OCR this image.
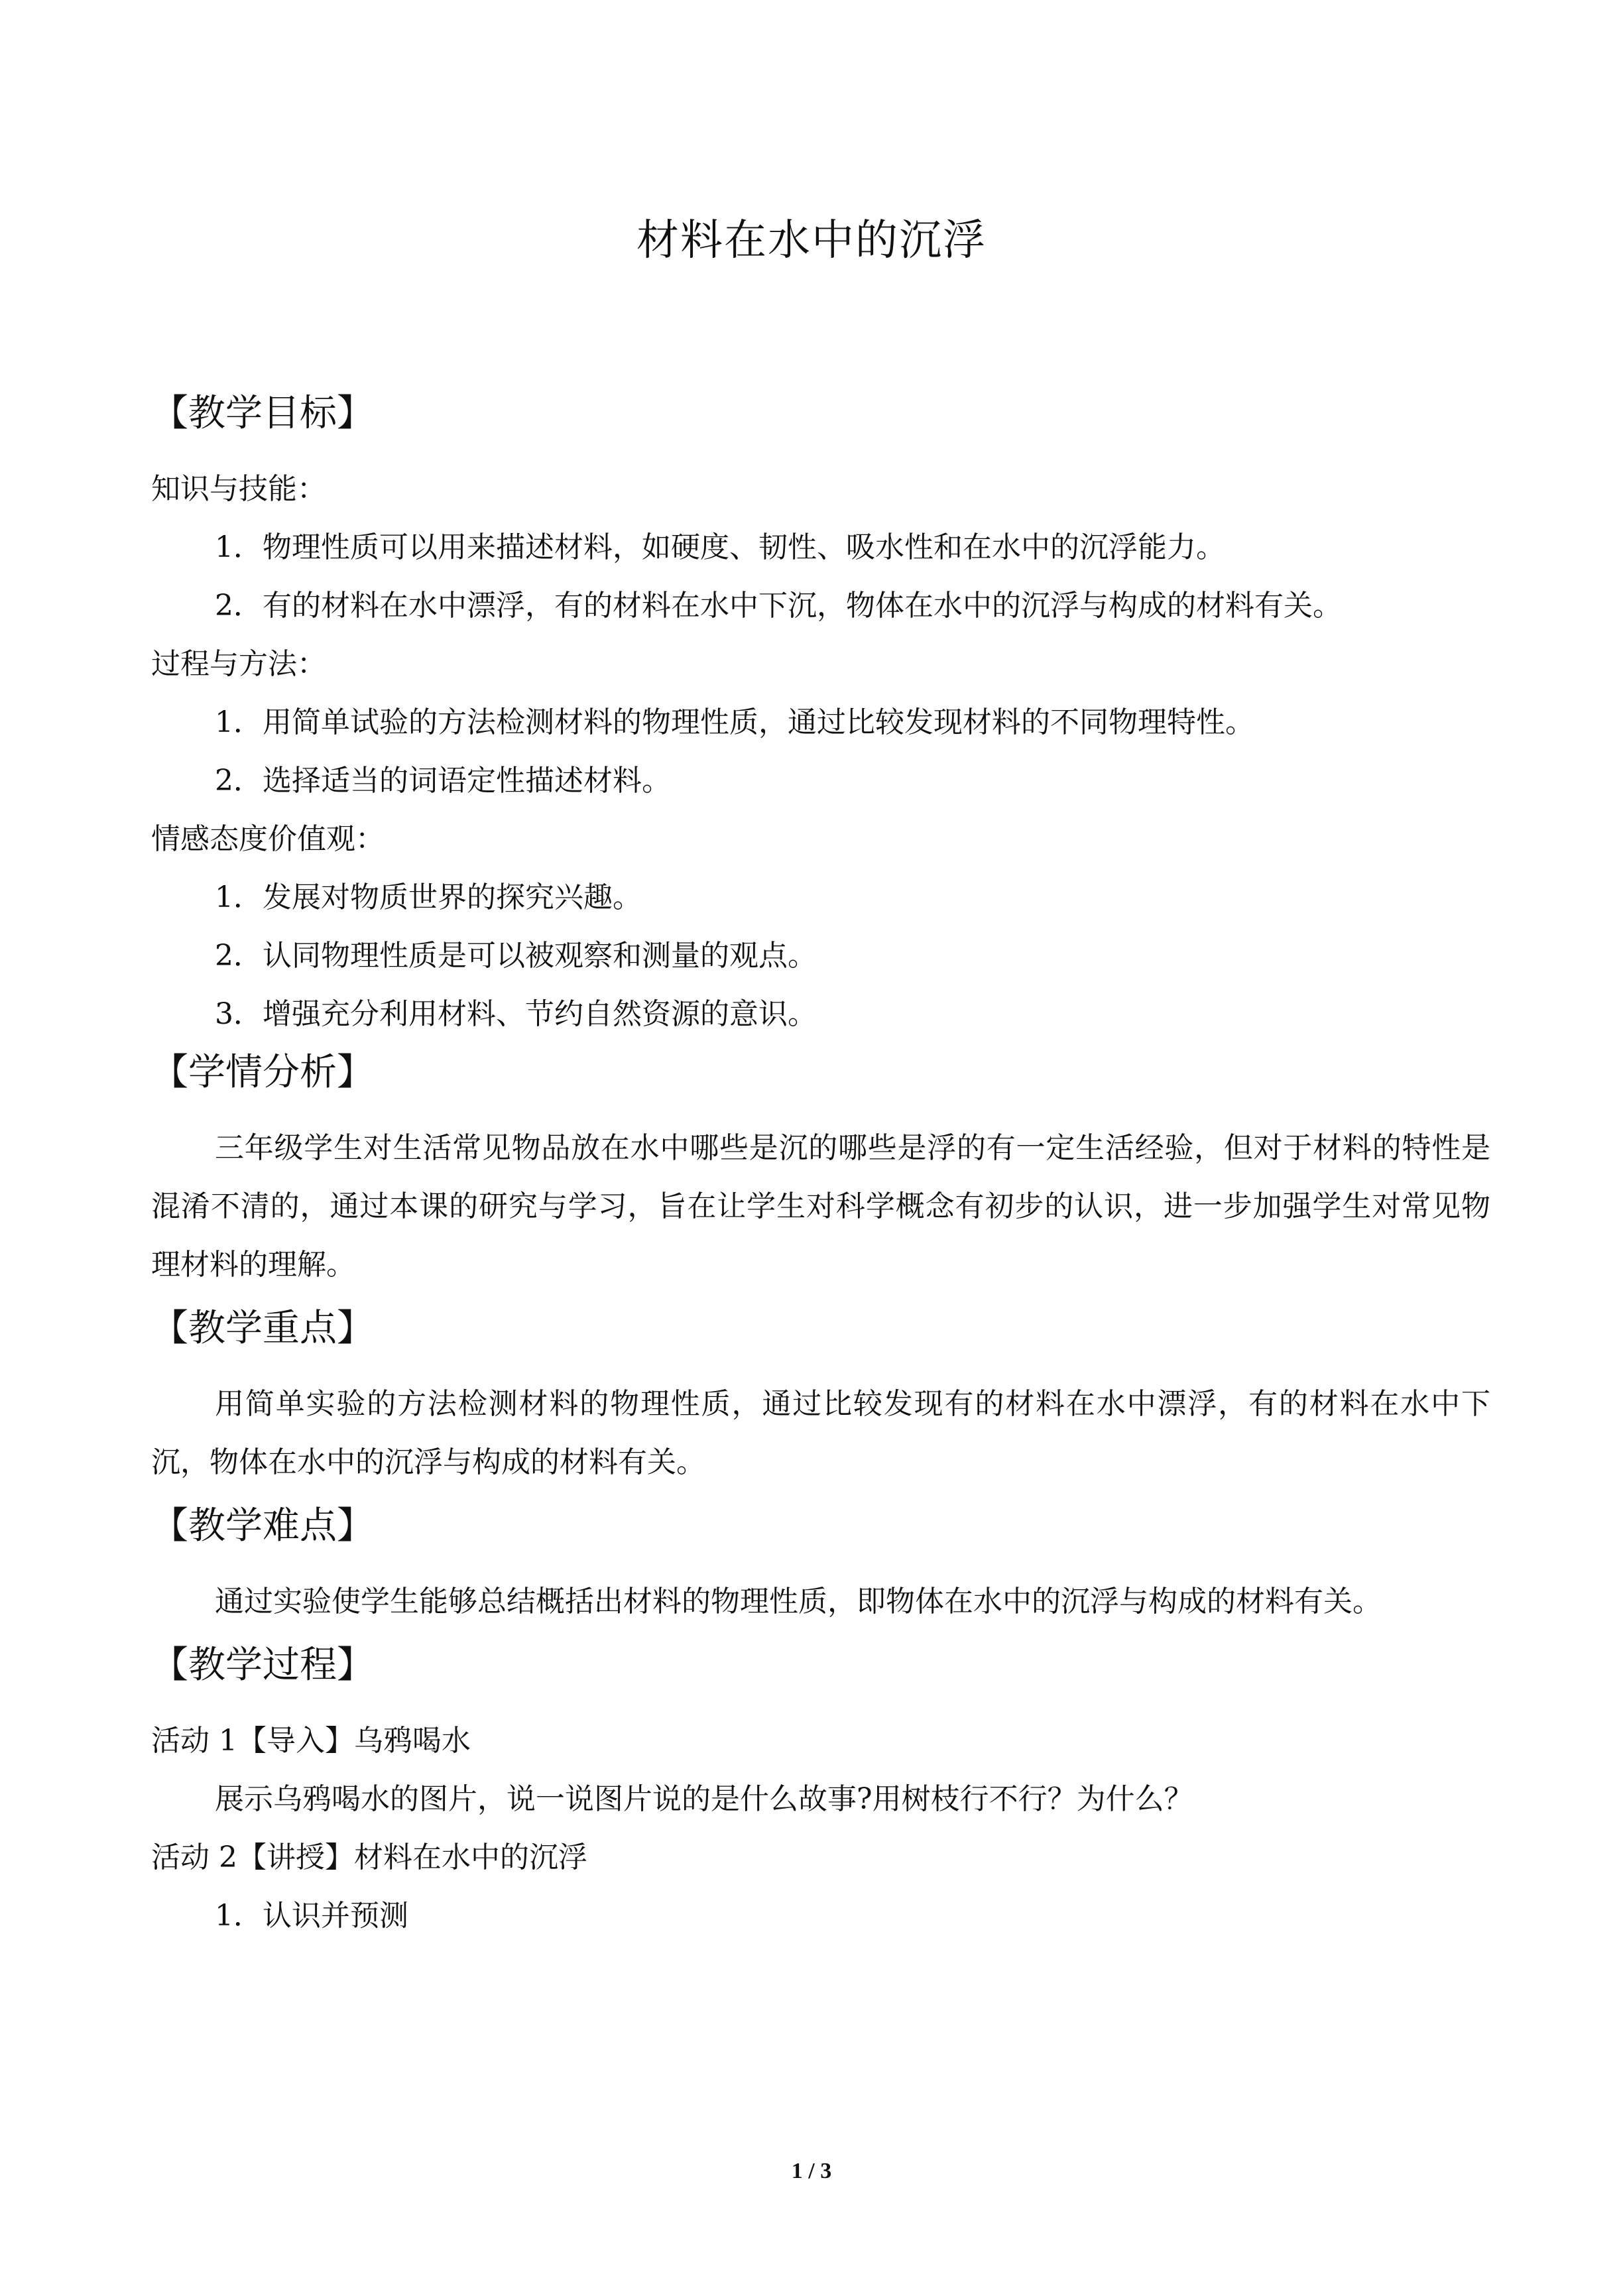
材料在水中的沉浮
【教学目标】
知识与技能：
1．物理性质可以用来描述材料，如硬度、韧性、吸水性和在水中的沉浮能力。
2．有的材料在水中漂浮，有的材料在水中下沉，物体在水中的沉浮与构成的材料有关。
过程与方法：
1．用简单试验的方法检测材料的物理性质，通过比较发现材料的不同物理特性。
2．选择适当的词语定性描述材料。
情感态度价值观：
1．发展对物质世界的探究兴趣。
2．认同物理性质是可以被观察和测量的观点。
3．增强充分利用材料、节约自然资源的意识。
【学情分析】
三年级学生对生活常见物品放在水中哪些是沉的哪些是浮的有一定生活经验，但对于材料的特性是混淆不清的，通过本课的研究与学习，旨在让学生对科学概念有初步的认识，进一步加强学生对常见物理材料的理解。
【教学重点】
用简单实验的方法检测材料的物理性质，通过比较发现有的材料在水中漂浮，有的材料在水中下沉，物体在水中的沉浮与构成的材料有关。
【教学难点】
通过实验使学生能够总结概括出材料的物理性质，即物体在水中的沉浮与构成的材料有关。
【教学过程】
活动 1【导入】乌鸦喝水
展示乌鸦喝水的图片，说一说图片说的是什么故事?用树枝行不行？为什么？
活动 2【讲授】材料在水中的沉浮
1．认识并预测
1 / 3
